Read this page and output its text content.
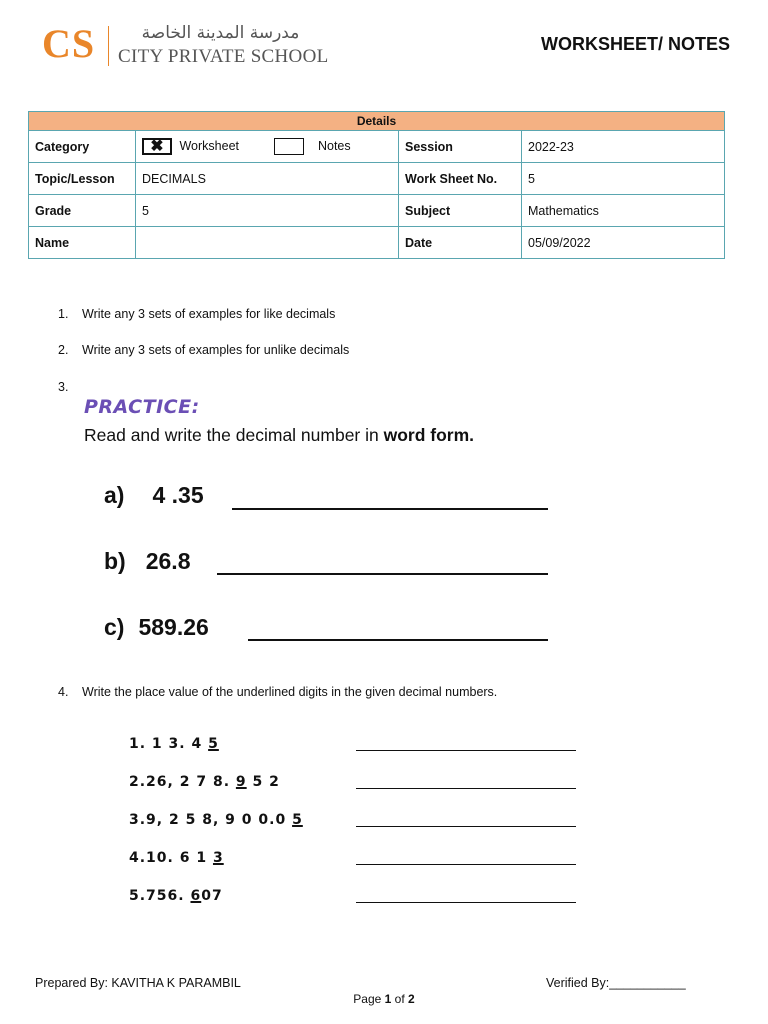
CS	مدرسة المدينة الخاصة
CITY PRIVATE SCHOOL
WORKSHEET/ NOTES
Details			
Category	✖ Worksheet Notes	Session	2022-23
Topic/Lesson	DECIMALS	Work Sheet No.	5
Grade	5	Subject	Mathematics
Name		Date	05/09/2022
1. Write any 3 sets of examples for like decimals
2. Write any 3 sets of examples for unlike decimals
3.
PRACTICE:
Read and write the decimal number in word form.
a) 4 .35
b) 26.8
c) 589.26
4. Write the place value of the underlined digits in the given decimal numbers.
1. 1 3. 4 5
2.26, 2 7 8. 9 5 2
3.9, 2 5 8, 9 0 0.0 5
4.10. 6 1 3
5.756. 607
Prepared By: KAVITHA K PARAMBIL	Verified By:___________
Page 1 of 2
